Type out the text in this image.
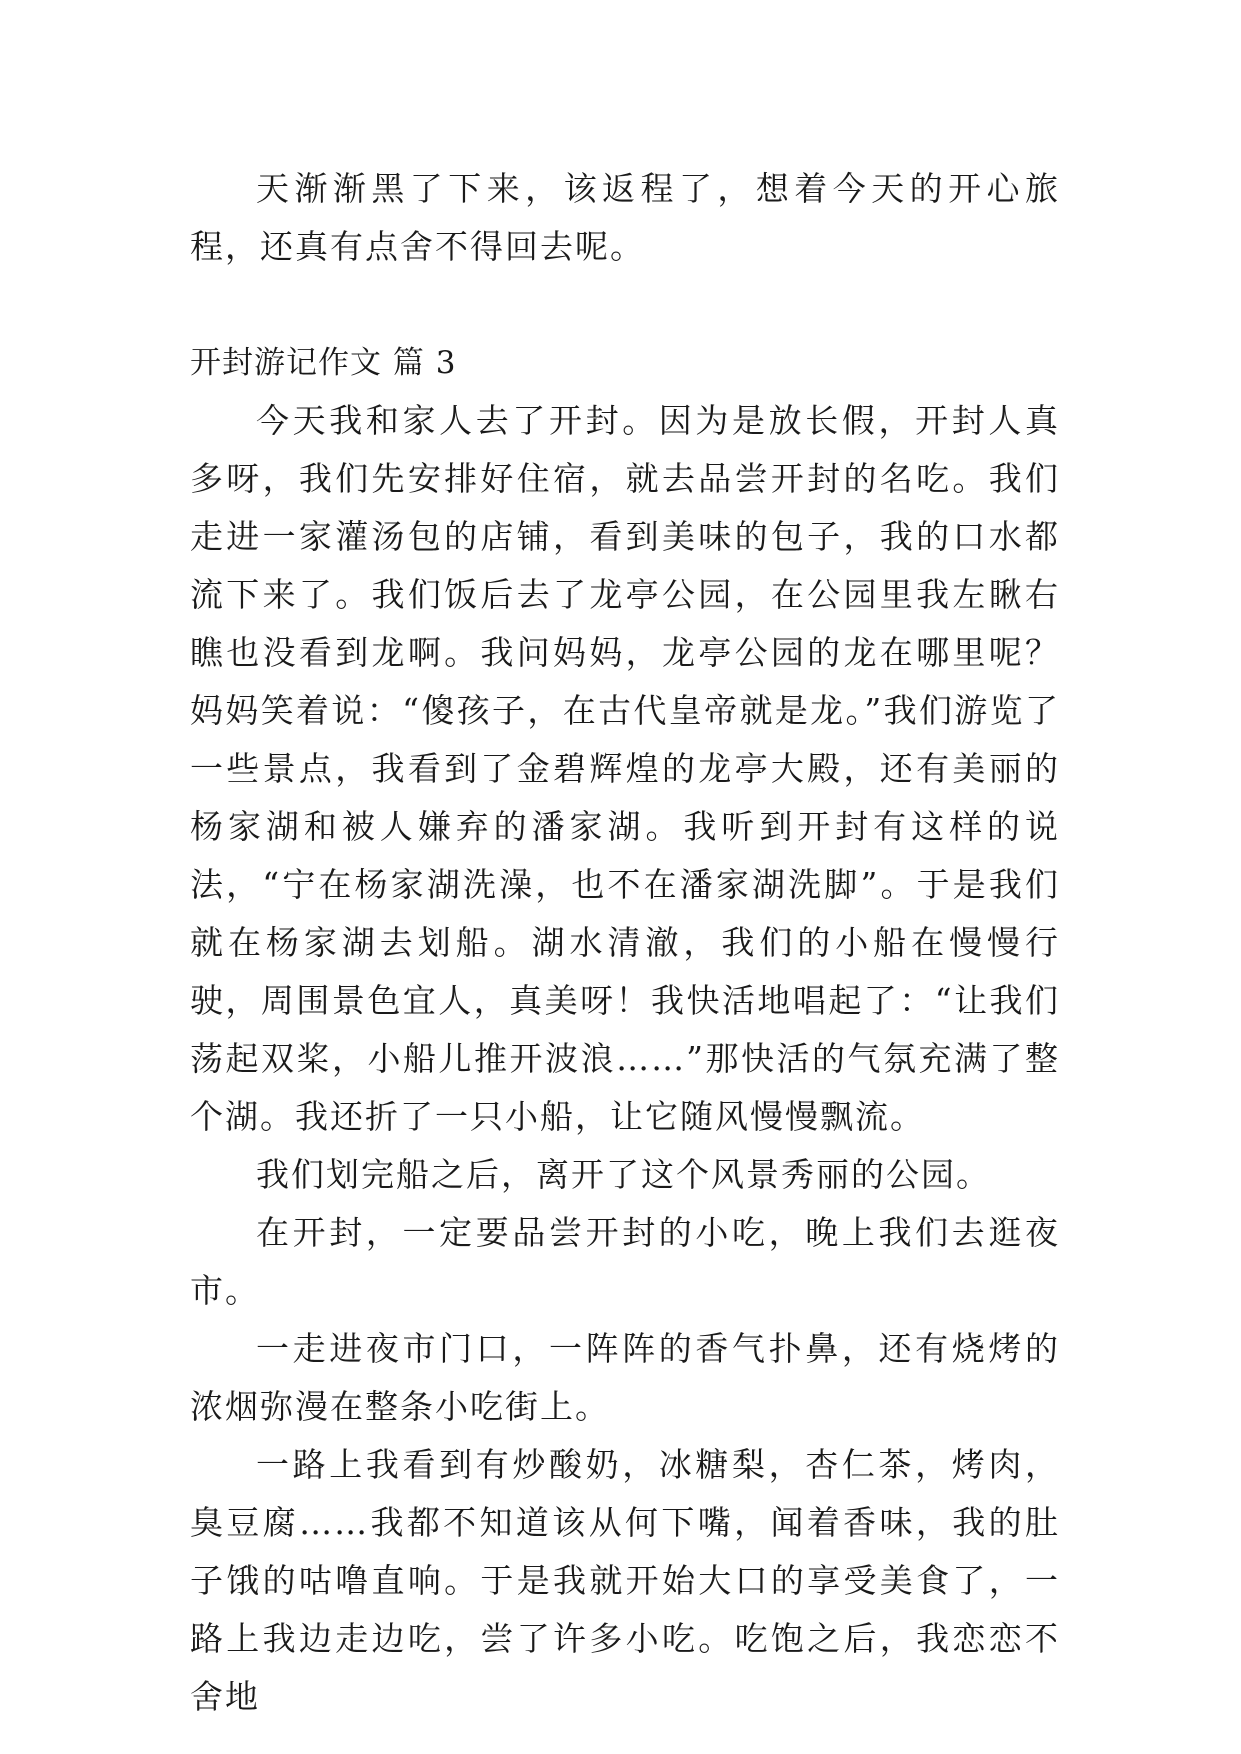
天渐渐黑了下来，该返程了，想着今天的开心旅程，还真有点舍不得回去呢。

开封游记作文 篇 3

今天我和家人去了开封。因为是放长假，开封人真多呀，我们先安排好住宿，就去品尝开封的名吃。我们走进一家灌汤包的店铺，看到美味的包子，我的口水都流下来了。我们饭后去了龙亭公园，在公园里我左瞅右瞧也没看到龙啊。我问妈妈，龙亭公园的龙在哪里呢？妈妈笑着说：“傻孩子，在古代皇帝就是龙。”我们游览了一些景点，我看到了金碧辉煌的龙亭大殿，还有美丽的杨家湖和被人嫌弃的潘家湖。我听到开封有这样的说法，“宁在杨家湖洗澡，也不在潘家湖洗脚”。于是我们就在杨家湖去划船。湖水清澈，我们的小船在慢慢行驶，周围景色宜人，真美呀！我快活地唱起了：“让我们荡起双桨，小船儿推开波浪……”那快活的气氛充满了整个湖。我还折了一只小船，让它随风慢慢飘流。

我们划完船之后，离开了这个风景秀丽的公园。

在开封，一定要品尝开封的小吃，晚上我们去逛夜市。

一走进夜市门口，一阵阵的香气扑鼻，还有烧烤的浓烟弥漫在整条小吃街上。

一路上我看到有炒酸奶，冰糖梨，杏仁茶，烤肉，臭豆腐……我都不知道该从何下嘴，闻着香味，我的肚子饿的咕噜直响。于是我就开始大口的享受美食了，一路上我边走边吃，尝了许多小吃。吃饱之后，我恋恋不舍地
